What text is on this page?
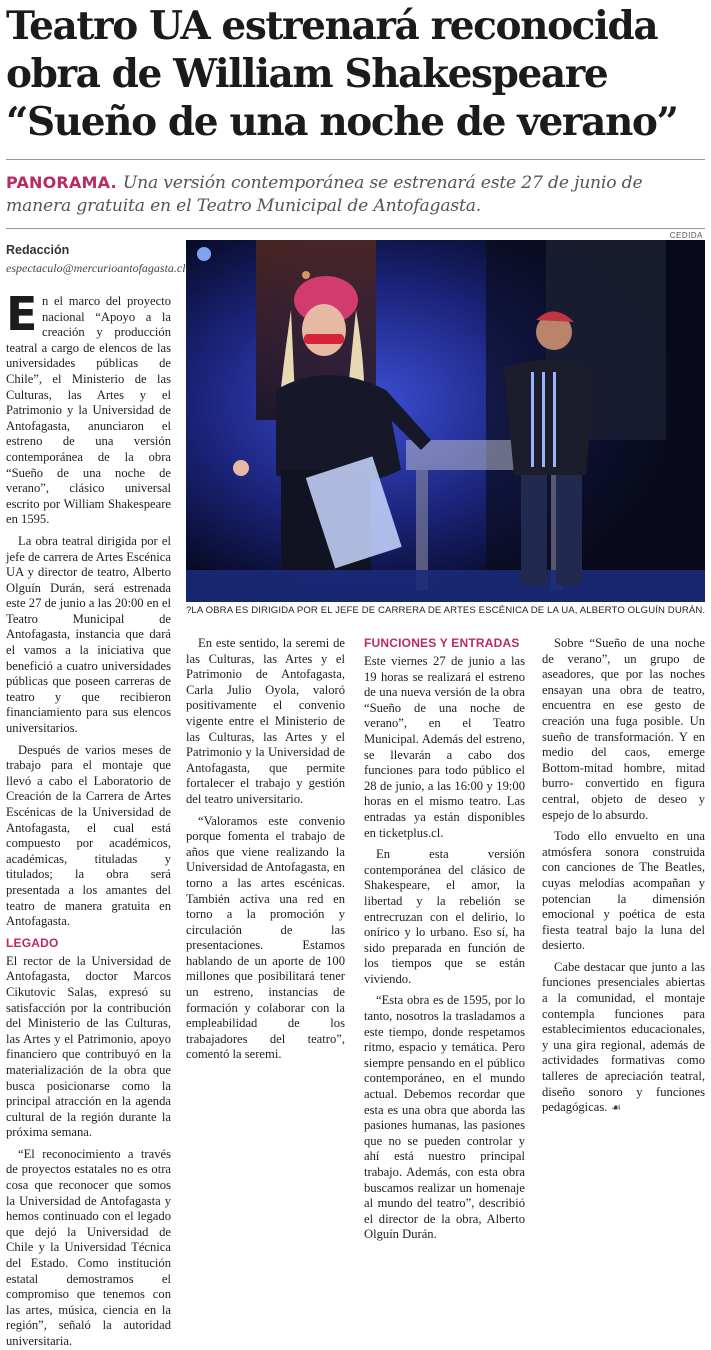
Teatro UA estrenará reconocida
obra de William Shakespeare
“Sueño de una noche de verano”
PANORAMA. Una versión contemporánea se estrenará este 27 de junio de manera gratuita en el Teatro Municipal de Antofagasta.
Redacción
espectaculo@mercurioantofagasta.cl
CEDIDA
?LA OBRA ES DIRIGIDA POR EL JEFE DE CARRERA DE ARTES ESCÉNICA DE LA UA, ALBERTO OLGUÍN DURÁN.

En el marco del proyecto nacional “Apoyo a la creación y producción teatral a cargo de elencos de las universidades públicas de Chile”, el Ministerio de las Culturas, las Artes y el Patrimonio y la Universidad de Antofagasta, anunciaron el estreno de una versión contemporánea de la obra “Sueño de una noche de verano”, clásico universal escrito por William Shakespeare en 1595.

La obra teatral dirigida por el jefe de carrera de Artes Escénica UA y director de teatro, Alberto Olguín Durán, será estrenada este 27 de junio a las 20:00 en el Teatro Municipal de Antofagasta, instancia que dará el vamos a la iniciativa que benefició a cuatro universidades públicas que poseen carreras de teatro y que recibieron financiamiento para sus elencos universitarios.

Después de varios meses de trabajo para el montaje que llevó a cabo el Laboratorio de Creación de la Carrera de Artes Escénicas de la Universidad de Antofagasta, el cual está compuesto por académicos, académicas, tituladas y titulados; la obra será presentada a los amantes del teatro de manera gratuita en Antofagasta.

LEGADO

El rector de la Universidad de Antofagasta, doctor Marcos Cikutovic Salas, expresó su satisfacción por la contribución del Ministerio de las Culturas, las Artes y el Patrimonio, apoyo financiero que contribuyó en la materialización de la obra que busca posicionarse como la principal atracción en la agenda cultural de la región durante la próxima semana.

“El reconocimiento a través de proyectos estatales no es otra cosa que reconocer que somos la Universidad de Antofagasta y hemos continuado con el legado que dejó la Universidad de Chile y la Universidad Técnica del Estado. Como institución estatal demostramos el compromiso que tenemos con las artes, música, ciencia en la región”, señaló la autoridad universitaria.

En este sentido, la seremi de las Culturas, las Artes y el Patrimonio de Antofagasta, Carla Julio Oyola, valoró positivamente el convenio vigente entre el Ministerio de las Culturas, las Artes y el Patrimonio y la Universidad de Antofagasta, que permite fortalecer el trabajo y gestión del teatro universitario.

“Valoramos este convenio porque fomenta el trabajo de años que viene realizando la Universidad de Antofagasta, en torno a las artes escénicas. También activa una red en torno a la promoción y circulación de las presentaciones. Estamos hablando de un aporte de 100 millones que posibilitará tener un estreno, instancias de formación y colaborar con la empleabilidad de los trabajadores del teatro”, comentó la seremi.

FUNCIONES Y ENTRADAS

Este viernes 27 de junio a las 19 horas se realizará el estreno de una nueva versión de la obra “Sueño de una noche de verano”, en el Teatro Municipal. Además del estreno, se llevarán a cabo dos funciones para todo público el 28 de junio, a las 16:00 y 19:00 horas en el mismo teatro. Las entradas ya están disponibles en ticketplus.cl.

En esta versión contemporánea del clásico de Shakespeare, el amor, la libertad y la rebelión se entrecruzan con el delirio, lo onírico y lo urbano. Eso sí, ha sido preparada en función de los tiempos que se están viviendo.

“Esta obra es de 1595, por lo tanto, nosotros la trasladamos a este tiempo, donde respetamos ritmo, espacio y temática. Pero siempre pensando en el público contemporáneo, en el mundo actual. Debemos recordar que esta es una obra que aborda las pasiones humanas, las pasiones que no se pueden controlar y ahí está nuestro principal trabajo. Además, con esta obra buscamos realizar un homenaje al mundo del teatro”, describió el director de la obra, Alberto Olguín Durán.

Sobre “Sueño de una noche de verano”, un grupo de aseadores, que por las noches ensayan una obra de teatro, encuentra en ese gesto de creación una fuga posible. Un sueño de transformación. Y en medio del caos, emerge Bottom-mitad hombre, mitad burro- convertido en figura central, objeto de deseo y espejo de lo absurdo.

Todo ello envuelto en una atmósfera sonora construida con canciones de The Beatles, cuyas melodías acompañan y potencian la dimensión emocional y poética de esta fiesta teatral bajo la luna del desierto.

Cabe destacar que junto a las funciones presenciales abiertas a la comunidad, el montaje contempla funciones para establecimientos educacionales, y una gira regional, además de actividades formativas como talleres de apreciación teatral, diseño sonoro y funciones pedagógicas. ☙
